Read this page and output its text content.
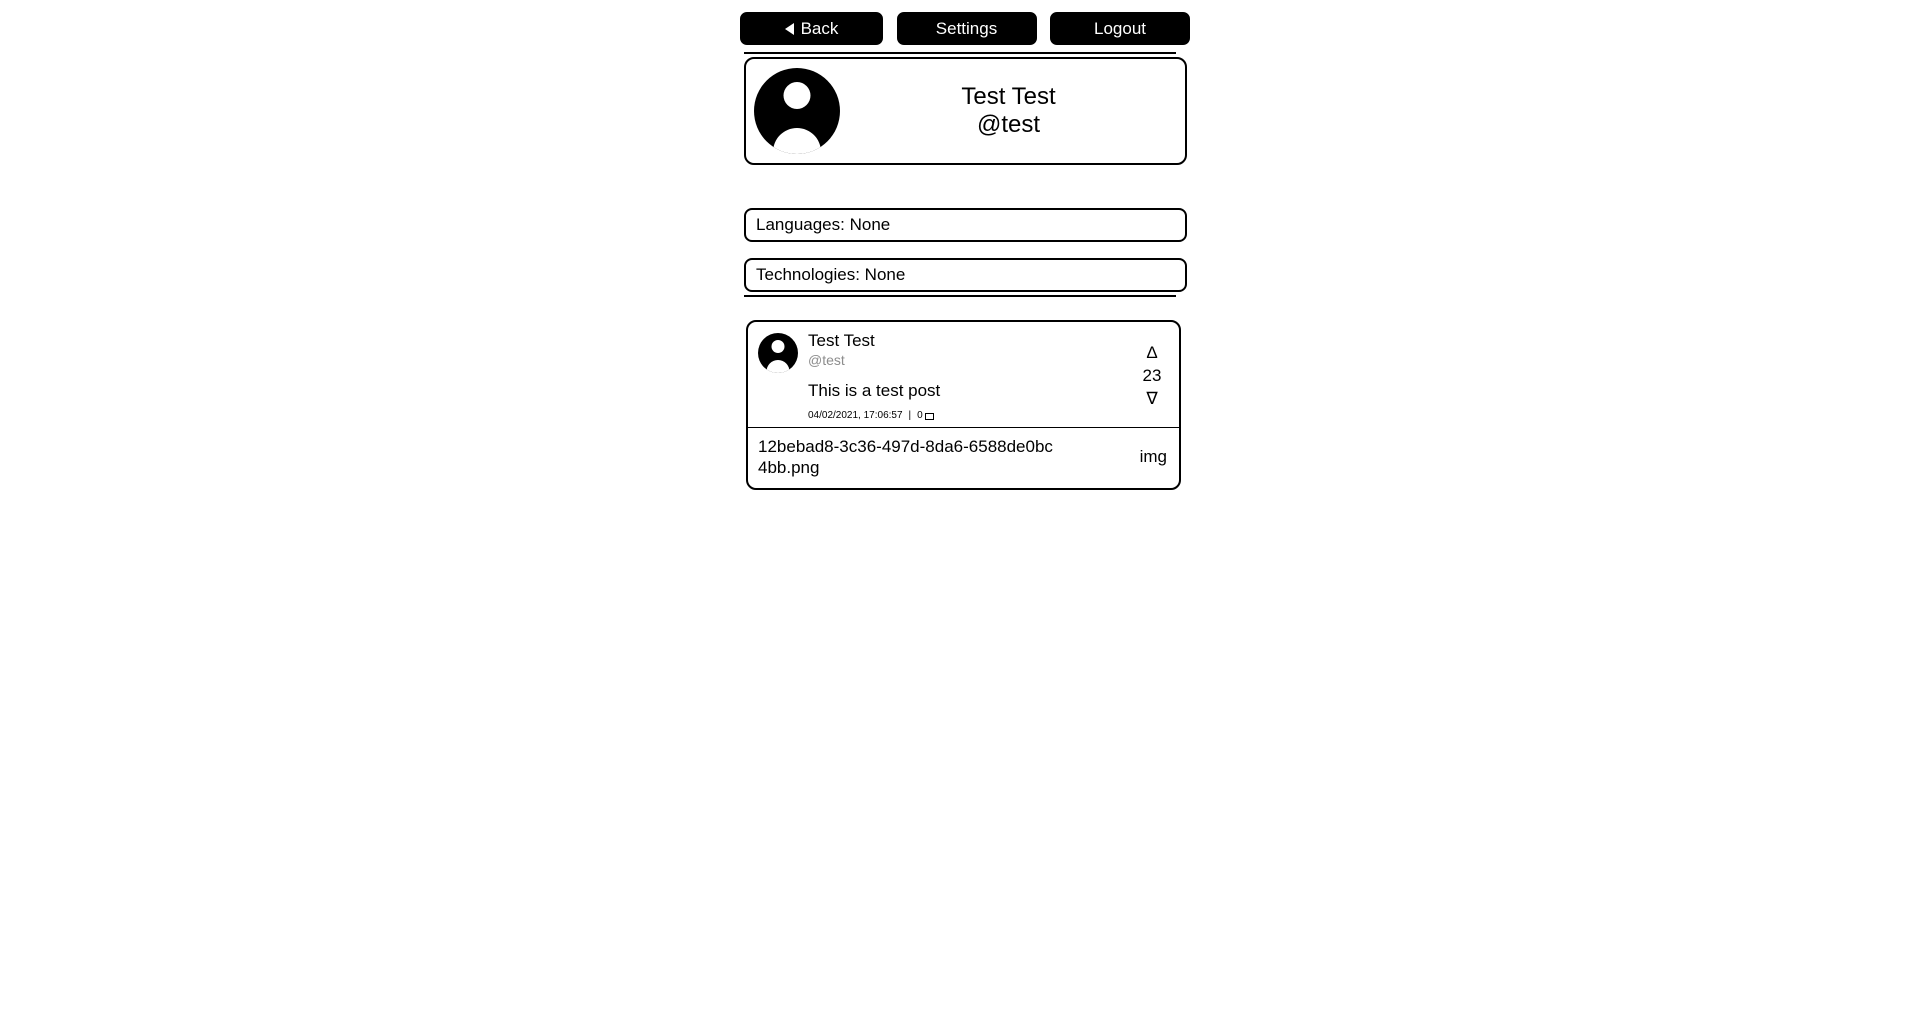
Back	Settings	Logout
Test Test
@test
Languages: None
Technologies: None
Test Test
@test
This is a test post
04/02/2021, 17:06:57 | 0
Δ
23
∇
12bebad8-3c36-497d-8da6-6588de0bc4bb.png
img
